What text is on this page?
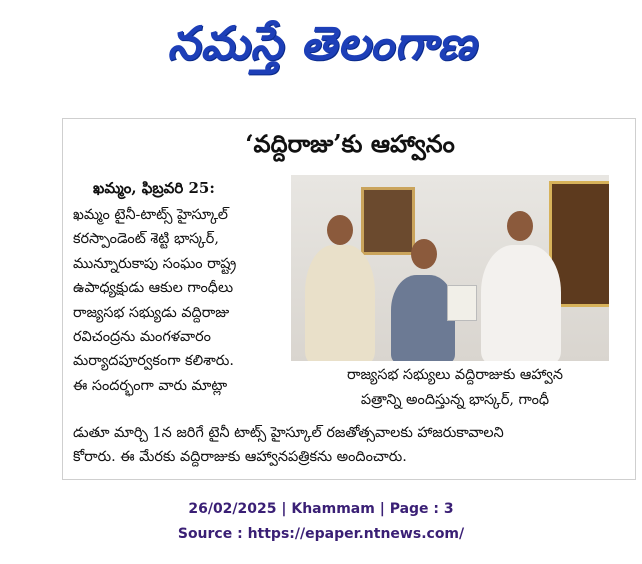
నమస్తే తెలంగాణ
‘వద్దిరాజు’కు ఆహ్వానం
ఖమ్మం, ఫిబ్రవరి 25:
ఖమ్మం టైనీ-టాట్స్ హైస్కూల్
కరస్పాండెంట్ శెట్టి భాస్కర్,
మున్నూరుకాపు సంఘం రాష్ట్ర
ఉపాధ్యక్షుడు ఆకుల గాంధీలు
రాజ్యసభ సభ్యుడు వద్దిరాజు
రవిచంద్రను మంగళవారం
మర్యాదపూర్వకంగా కలిశారు.
ఈ సందర్భంగా వారు మాట్లా
రాజ్యసభ సభ్యులు వద్దిరాజుకు ఆహ్వాన
పత్రాన్ని అందిస్తున్న భాస్కర్, గాంధీ
డుతూ మార్చి 1న జరిగే టైనీ టాట్స్ హైస్కూల్ రజతోత్సవాలకు హాజరుకావాలని
కోరారు. ఈ మేరకు వద్దిరాజుకు ఆహ్వానపత్రికను అందించారు.
26/02/2025 | Khammam | Page : 3
Source : https://epaper.ntnews.com/
